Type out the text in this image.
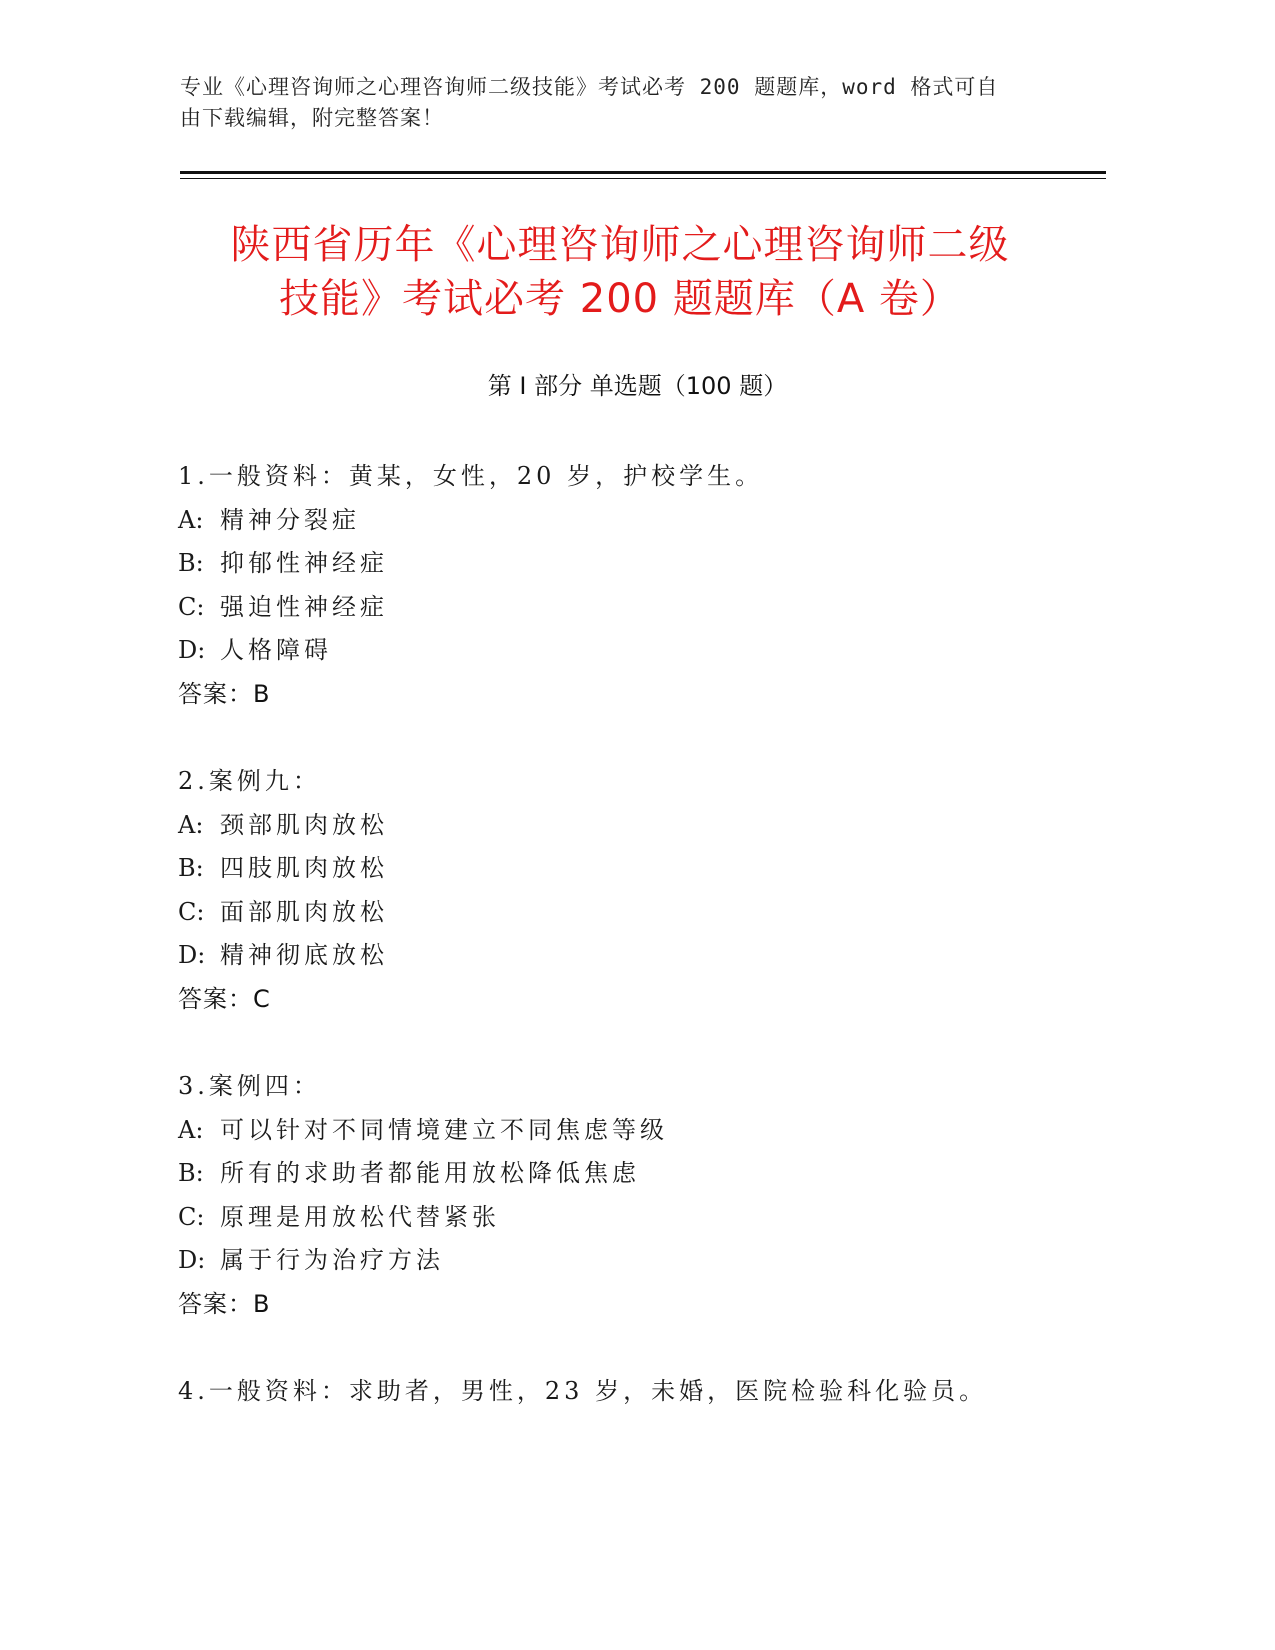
专业《心理咨询师之心理咨询师二级技能》考试必考 200 题题库，word 格式可自
由下载编辑，附完整答案！
陕西省历年《心理咨询师之心理咨询师二级
技能》考试必考 200 题题库（A 卷）
第 I 部分 单选题（100 题）
1.一般资料：黄某，女性，20 岁，护校学生。
A: 精神分裂症
B: 抑郁性神经症
C: 强迫性神经症
D: 人格障碍
答案：B
2.案例九：
A: 颈部肌肉放松
B: 四肢肌肉放松
C: 面部肌肉放松
D: 精神彻底放松
答案：C
3.案例四：
A: 可以针对不同情境建立不同焦虑等级
B: 所有的求助者都能用放松降低焦虑
C: 原理是用放松代替紧张
D: 属于行为治疗方法
答案：B
4.一般资料：求助者，男性，23 岁，未婚，医院检验科化验员。
